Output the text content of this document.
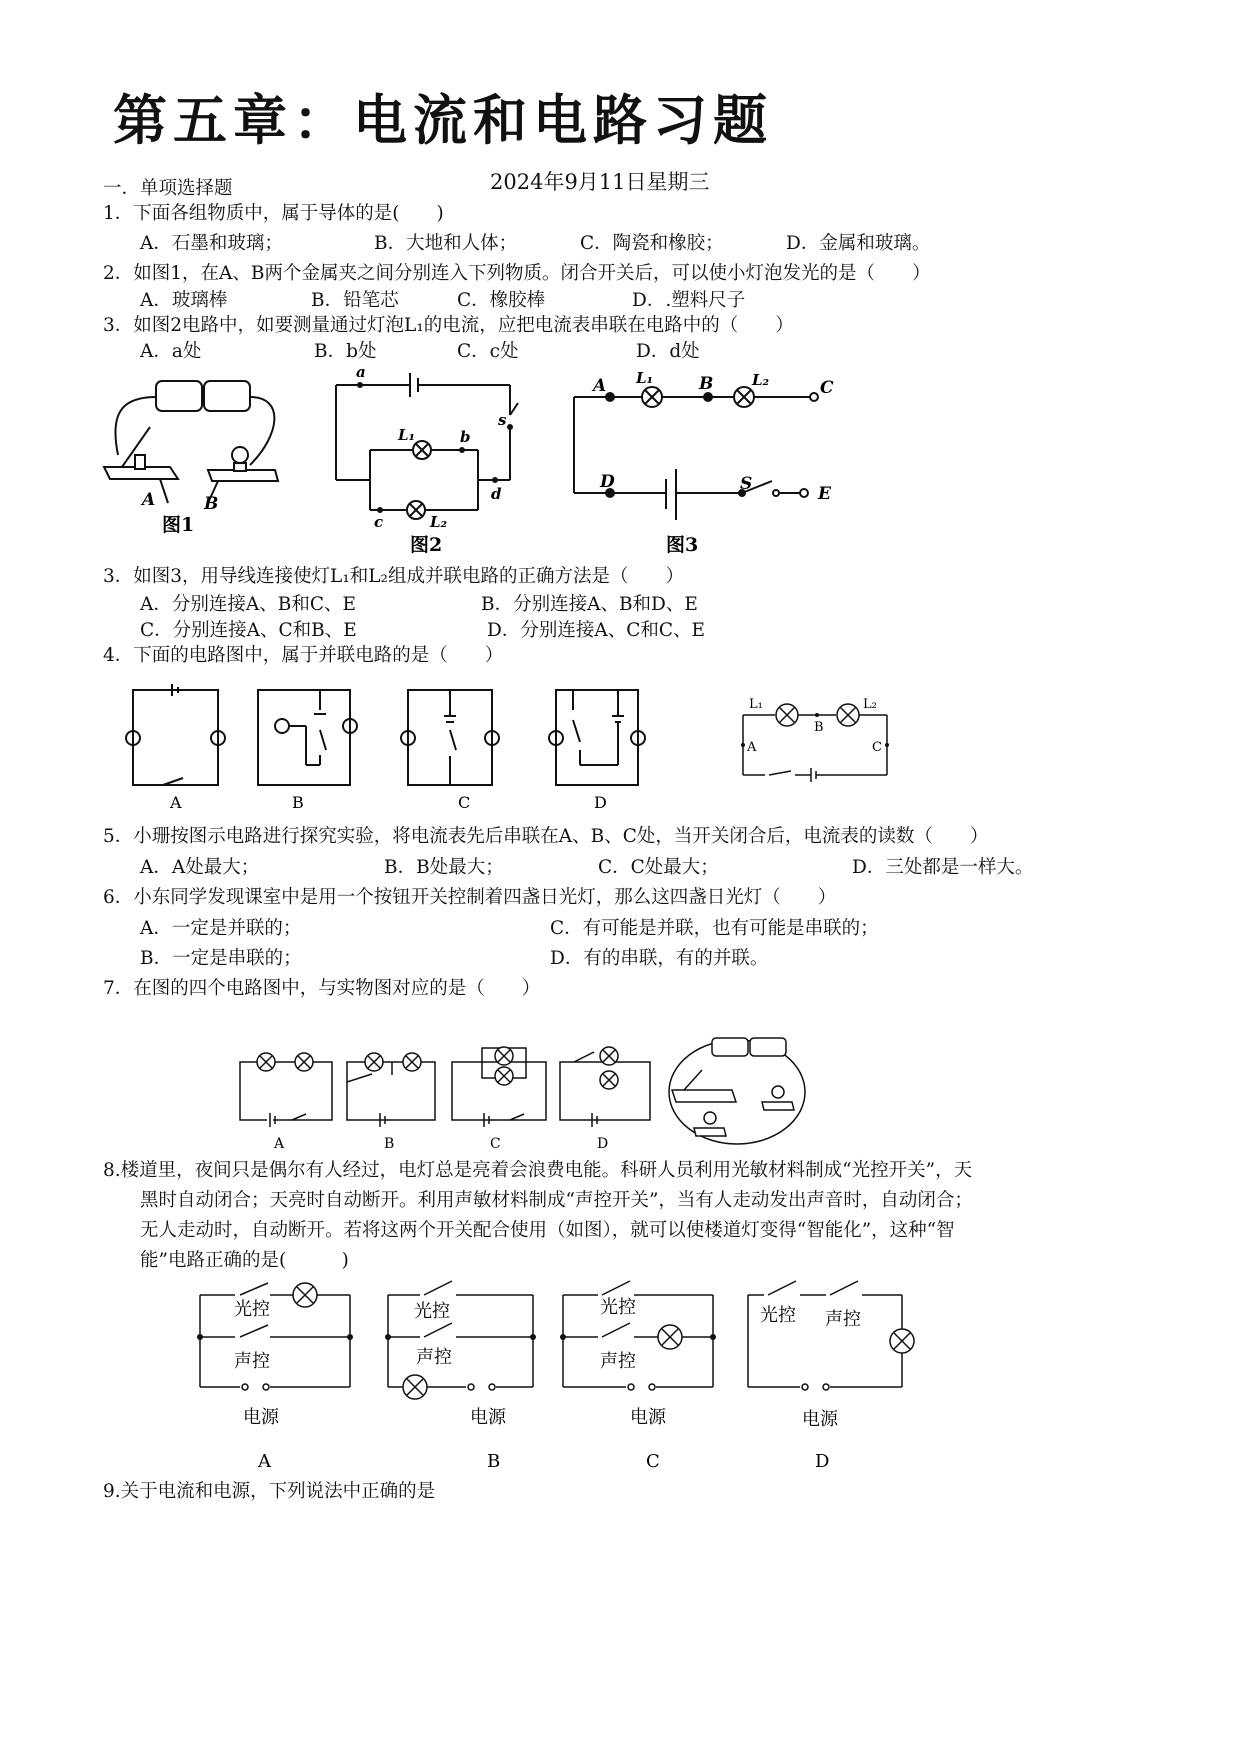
第五章：电流和电路习题
2024年9月11日星期三
一．单项选择题
1．下面各组物质中，属于导体的是(　　)
A．石墨和玻璃；	B．大地和人体；	C．陶瓷和橡胶；	D．金属和玻璃。
2．如图1，在A、B两个金属夹之间分别连入下列物质。闭合开关后，可以使小灯泡发光的是（　　）
A．玻璃棒	B．铅笔芯	C．橡胶棒	D．.塑料尺子
3．如图2电路中，如要测量通过灯泡L₁的电流，应把电流表串联在电路中的（　　）
A．a处	B．b处	C．c处	D．d处
A	B
图1
a
b
c
d
s
L₁
L₂
图2
A L₁	B	L₂	C
D	S	E
图3
3．如图3，用导线连接使灯L₁和L₂组成并联电路的正确方法是（　　）
A．分别连接A、B和C、E	B．分别连接A、B和D、E
C．分别连接A、C和B、E	D．分别连接A、C和C、E
4．下面的电路图中，属于并联电路的是（　　）
A	B	C	D
L₁	L₂
B
A	C
5．小珊按图示电路进行探究实验，将电流表先后串联在A、B、C处，当开关闭合后，电流表的读数（　　）
A．A处最大；	B．B处最大；	C．C处最大；	D．三处都是一样大。
6．小东同学发现课室中是用一个按钮开关控制着四盏日光灯，那么这四盏日光灯（　　）
A．一定是并联的；	C．有可能是并联，也有可能是串联的；
B．一定是串联的；	D．有的串联，有的并联。
7．在图的四个电路图中，与实物图对应的是（　　）
A	B	C	D
8.楼道里，夜间只是偶尔有人经过，电灯总是亮着会浪费电能。科研人员利用光敏材料制成“光控开关”，天
黑时自动闭合；天亮时自动断开。利用声敏材料制成“声控开关”，当有人走动发出声音时，自动闭合；
无人走动时，自动断开。若将这两个开关配合使用（如图），就可以使楼道灯变得“智能化”，这种“智
能”电路正确的是(　　　)
光控
声控
电源
光控
声控
电源
光控
声控
电源
光控 声控
电源
A	B	C	D
9.关于电流和电源，下列说法中正确的是
